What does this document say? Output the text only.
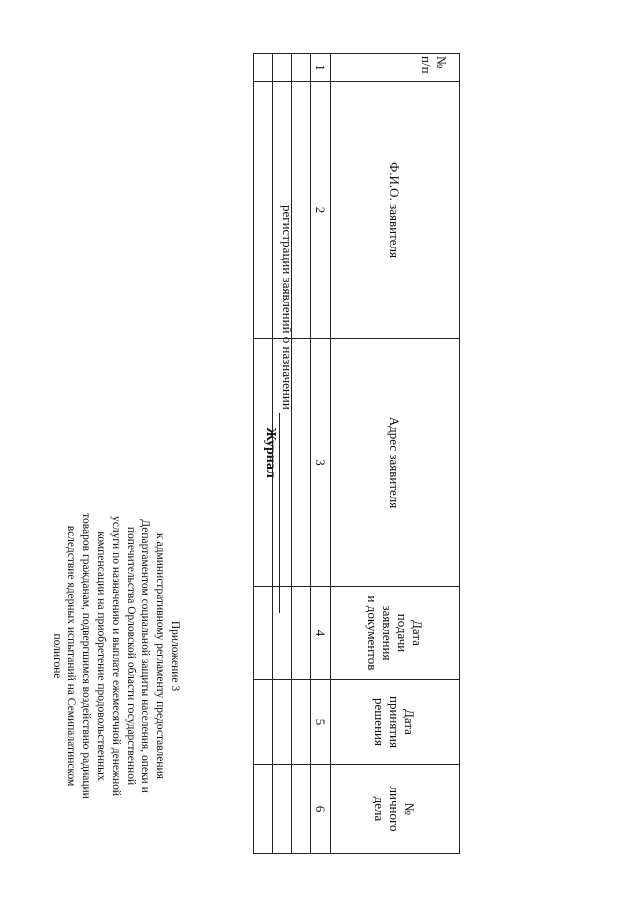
Приложение 3
к административному регламенту предоставления
Департаментом социальной защиты населения, опеки и
попечительства Орловской области государственной
услуги по назначению и выплате ежемесячной денежной
компенсации на приобретение продовольственных
товаров гражданам, подвергшимся воздействию радиации
вследствие ядерных испытаний на Семипалатинском
полигоне
Журнал
регистрации заявлений о назначении
№
п/п	Ф.И.О. заявителя	Адрес заявителя	Дата
подачи
заявления
и документов	Дата
принятия
решения	№
личного
дела
1	2	3	4	5	6
